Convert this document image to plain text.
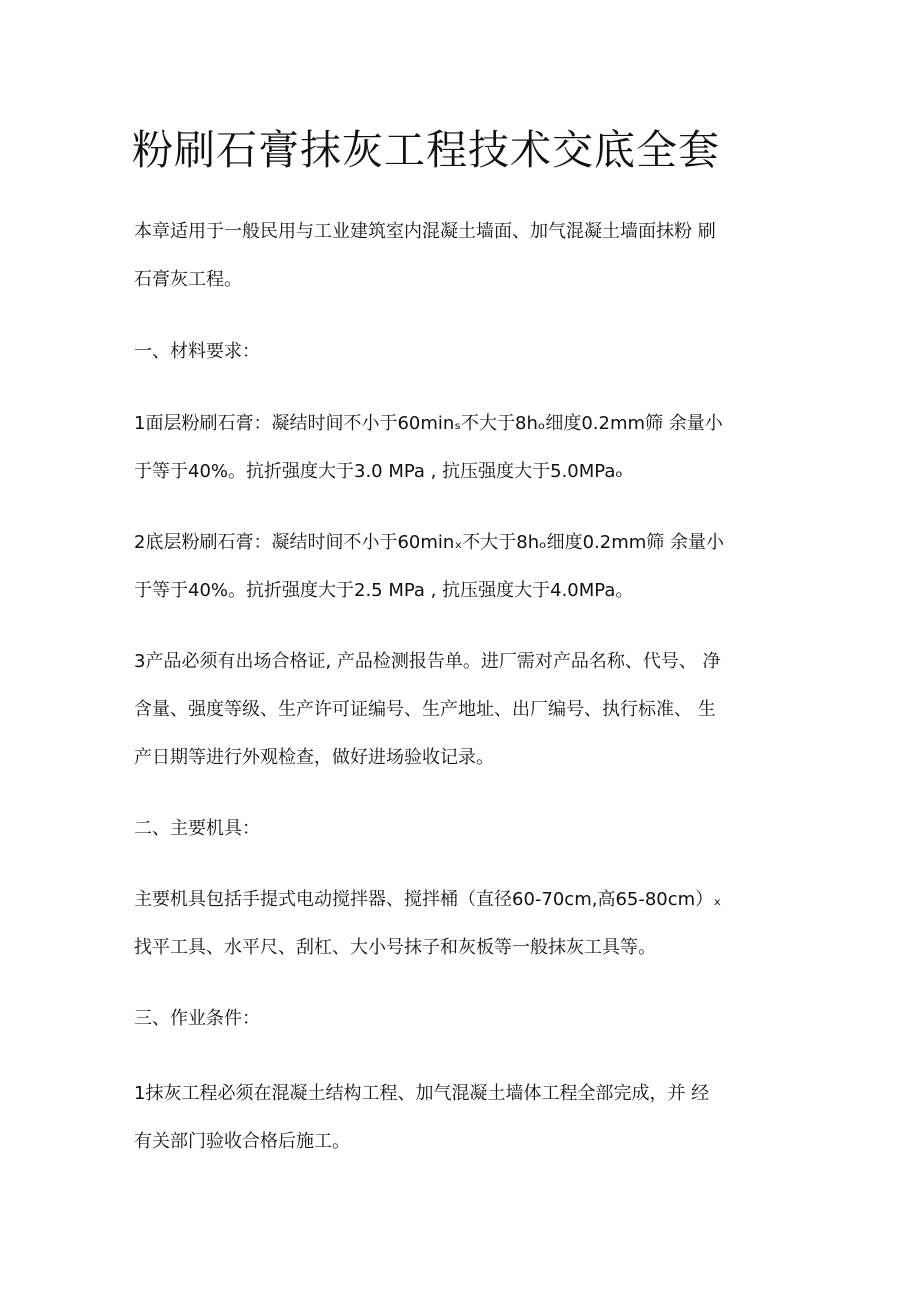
粉刷石膏抹灰工程技术交底全套

本章适用于一般民用与工业建筑室内混凝土墙面、加气混凝土墙面抹粉 刷
石膏灰工程。

一、材料要求：

1面层粉刷石膏：凝结时间不小于60minₛ不大于8hₒ细度0.2mm筛 余量小
于等于40%。抗折强度大于3.0 MPa , 抗压强度大于5.0MPaₒ

2底层粉刷石膏：凝结时间不小于60minₓ不大于8hₒ细度0.2mm筛 余量小
于等于40%。抗折强度大于2.5 MPa , 抗压强度大于4.0MPa。

3产品必须有出场合格证, 产品检测报告单。进厂需对产品名称、代号、 净
含量、强度等级、生产许可证编号、生产地址、出厂编号、执行标准、 生
产日期等进行外观检查，做好进场验收记录。

二、主要机具：

主要机具包括手提式电动搅拌器、搅拌桶（直径60-70cm,高65-80cm）ₓ
找平工具、水平尺、刮杠、大小号抹子和灰板等一般抹灰工具等。

三、作业条件：

1抹灰工程必须在混凝土结构工程、加气混凝土墙体工程全部完成，并 经
有关部门验收合格后施工。
